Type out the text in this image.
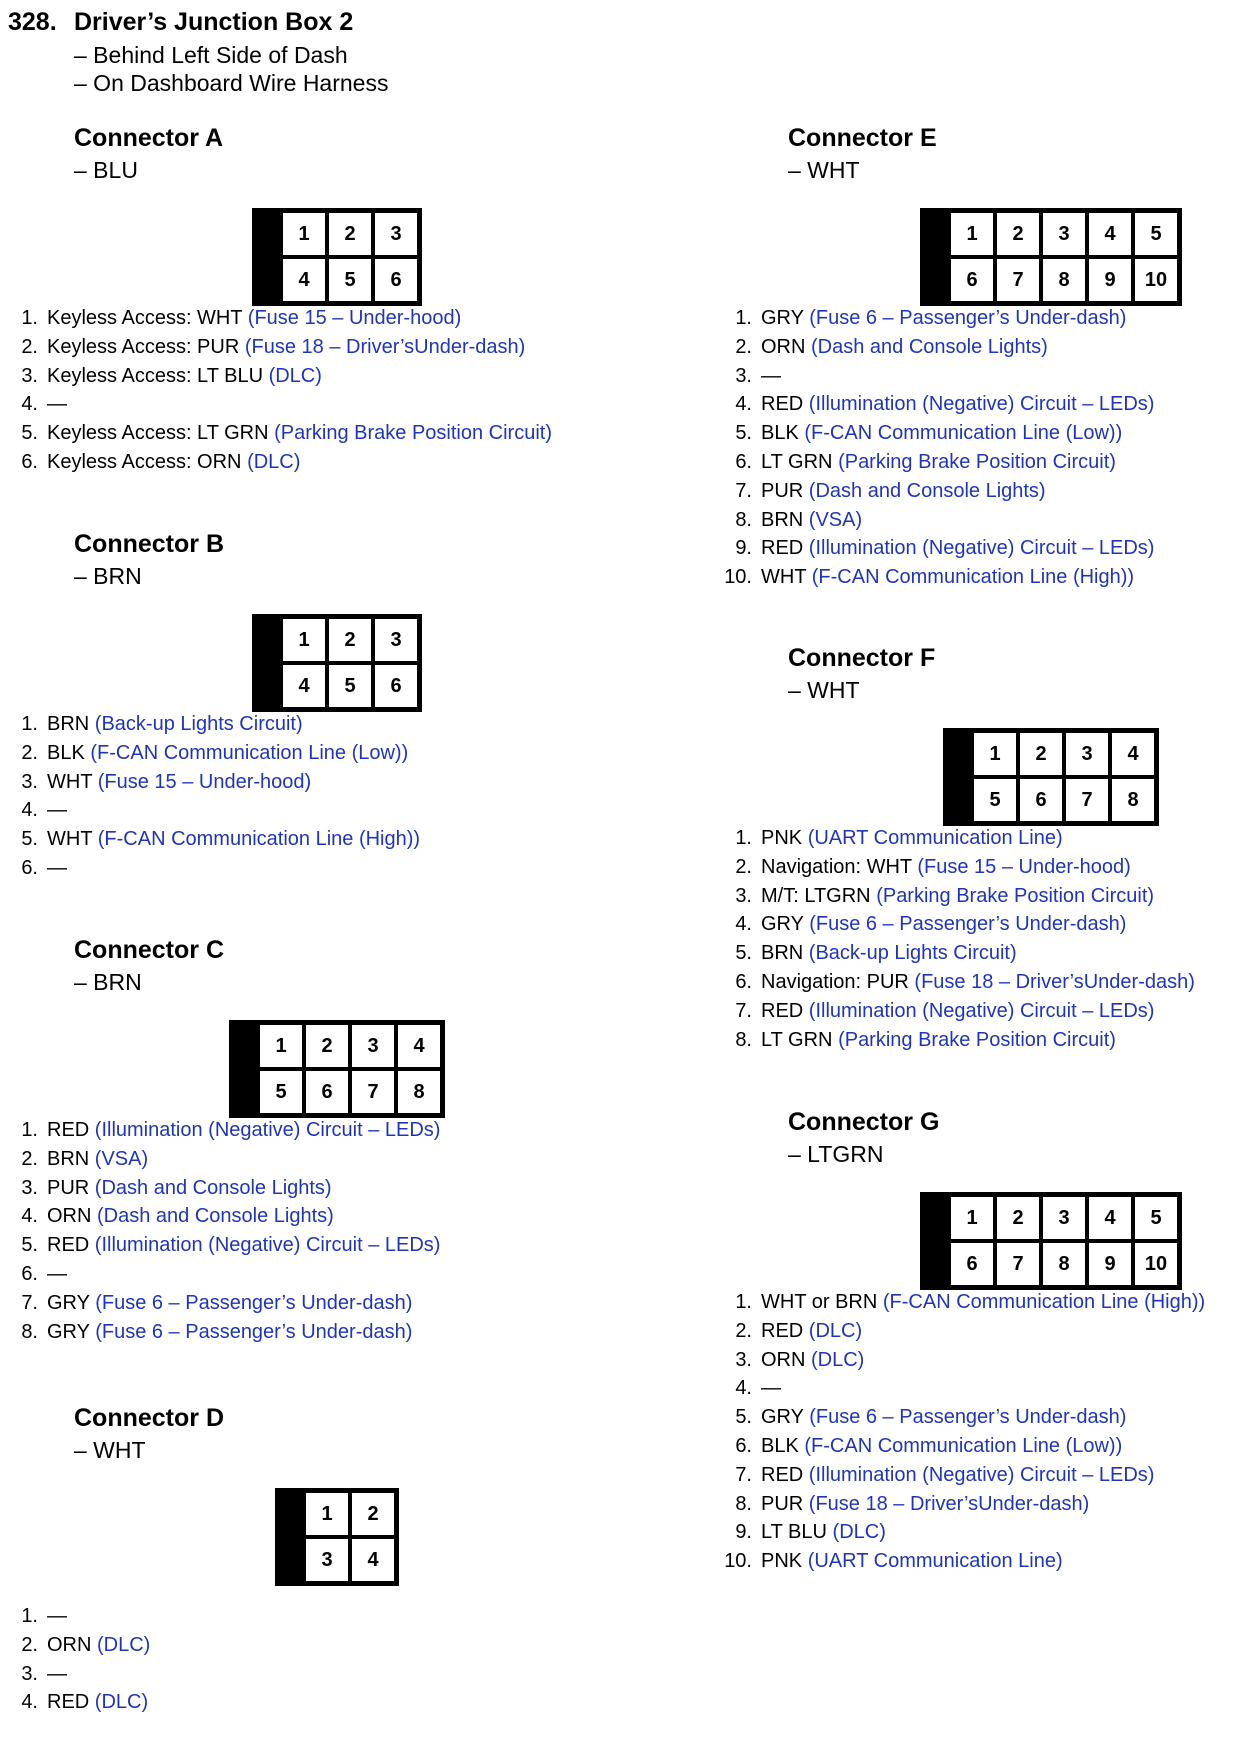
328. Driver’s Junction Box 2
– Behind Left Side of Dash
– On Dashboard Wire Harness
Connector A
– BLU
1	2	3
4	5	6
1. Keyless Access: WHT (Fuse 15 – Under-hood)
2. Keyless Access: PUR (Fuse 18 – Driver’sUnder-dash)
3. Keyless Access: LT BLU (DLC)
4. —
5. Keyless Access: LT GRN (Parking Brake Position Circuit)
6. Keyless Access: ORN (DLC)
Connector B
– BRN
1	2	3
4	5	6
1. BRN (Back-up Lights Circuit)
2. BLK (F-CAN Communication Line (Low))
3. WHT (Fuse 15 – Under-hood)
4. —
5. WHT (F-CAN Communication Line (High))
6. —
Connector C
– BRN
1	2	3	4
5	6	7	8
1. RED (Illumination (Negative) Circuit – LEDs)
2. BRN (VSA)
3. PUR (Dash and Console Lights)
4. ORN (Dash and Console Lights)
5. RED (Illumination (Negative) Circuit – LEDs)
6. —
7. GRY (Fuse 6 – Passenger’s Under-dash)
8. GRY (Fuse 6 – Passenger’s Under-dash)
Connector D
– WHT
1	2
3	4
1. —
2. ORN (DLC)
3. —
4. RED (DLC)
Connector E
– WHT
1	2	3	4	5
6	7	8	9	10
1. GRY (Fuse 6 – Passenger’s Under-dash)
2. ORN (Dash and Console Lights)
3. —
4. RED (Illumination (Negative) Circuit – LEDs)
5. BLK (F-CAN Communication Line (Low))
6. LT GRN (Parking Brake Position Circuit)
7. PUR (Dash and Console Lights)
8. BRN (VSA)
9. RED (Illumination (Negative) Circuit – LEDs)
10. WHT (F-CAN Communication Line (High))
Connector F
– WHT
1	2	3	4
5	6	7	8
1. PNK (UART Communication Line)
2. Navigation: WHT (Fuse 15 – Under-hood)
3. M/T: LTGRN (Parking Brake Position Circuit)
4. GRY (Fuse 6 – Passenger’s Under-dash)
5. BRN (Back-up Lights Circuit)
6. Navigation: PUR (Fuse 18 – Driver’sUnder-dash)
7. RED (Illumination (Negative) Circuit – LEDs)
8. LT GRN (Parking Brake Position Circuit)
Connector G
– LTGRN
1	2	3	4	5
6	7	8	9	10
1. WHT or BRN (F-CAN Communication Line (High))
2. RED (DLC)
3. ORN (DLC)
4. —
5. GRY (Fuse 6 – Passenger’s Under-dash)
6. BLK (F-CAN Communication Line (Low))
7. RED (Illumination (Negative) Circuit – LEDs)
8. PUR (Fuse 18 – Driver’sUnder-dash)
9. LT BLU (DLC)
10. PNK (UART Communication Line)
